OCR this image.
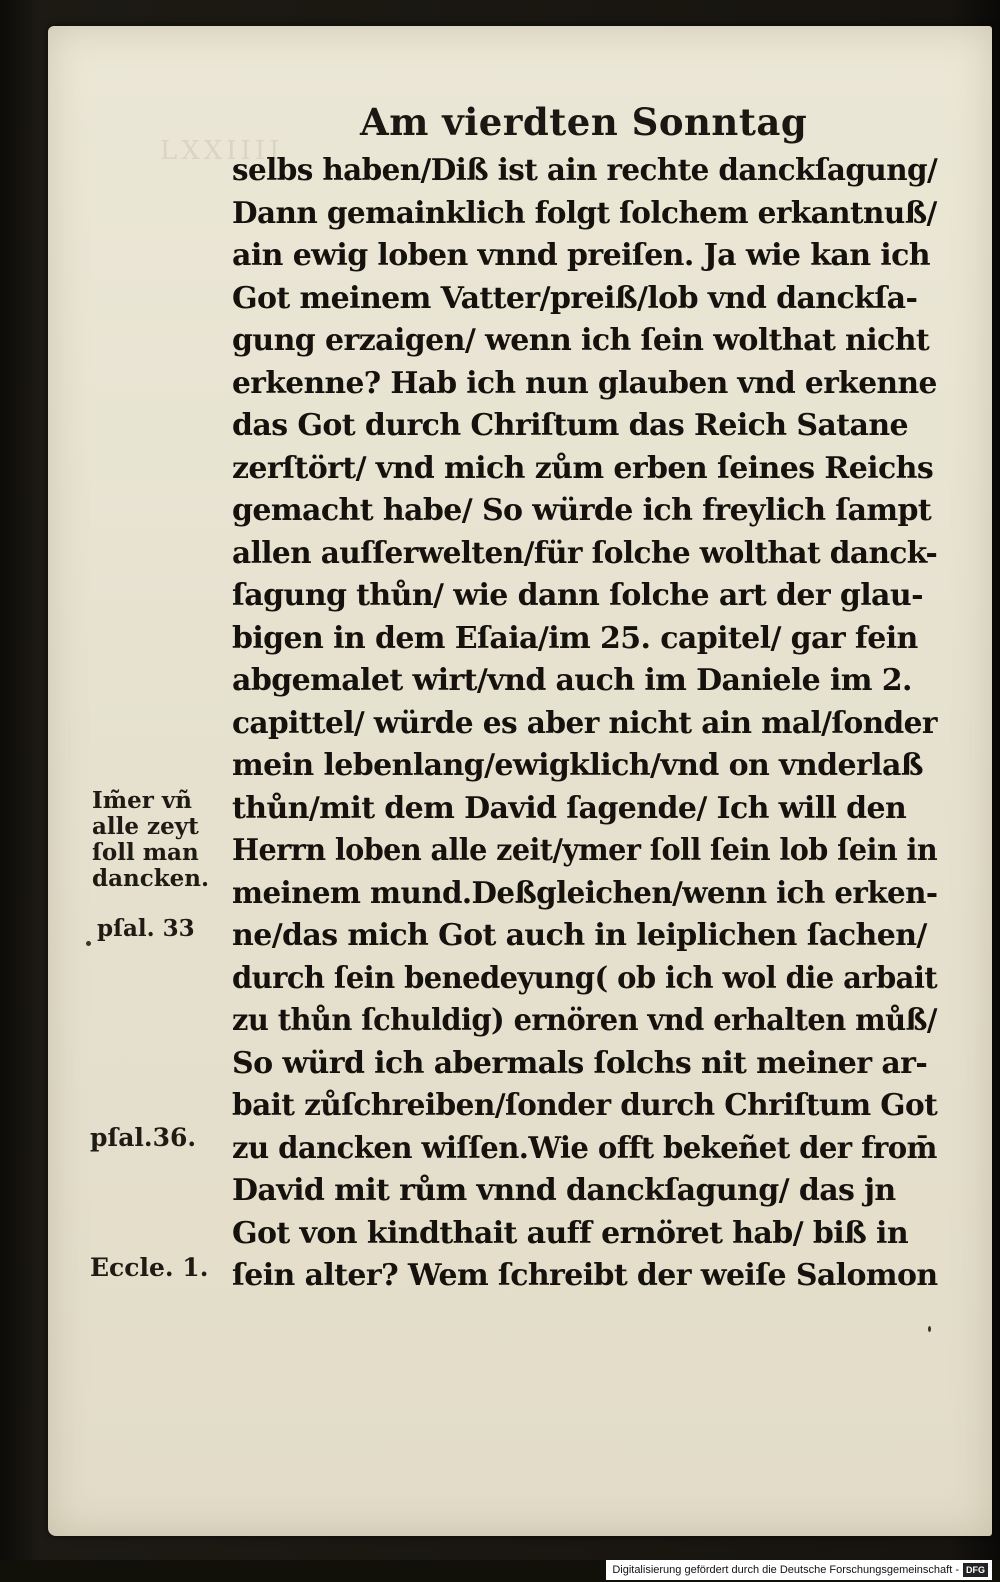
LXXIIII
Am vierdten Sonntag
selbs haben/Diß ist ain rechte danckſagung/
Dann gemainklich folgt ſolchem erkantnuß/
ain ewig loben vnnd preiſen. Ja wie kan ich
Got meinem Vatter/preiß/lob vnd danckſa-
gung erzaigen/ wenn ich ſein wolthat nicht
erkenne? Hab ich nun glauben vnd erkenne
das Got durch Chriſtum das Reich Satane
zerſtört/ vnd mich zům erben ſeines Reichs
gemacht habe/ So würde ich freylich ſampt
allen auſſerwelten/für ſolche wolthat danck-
ſagung thůn/ wie dann ſolche art der glau-
bigen in dem Eſaia/im 25. capitel/ gar fein
abgemalet wirt/vnd auch im Daniele im 2.
capittel/ würde es aber nicht ain mal/ſonder
mein lebenlang/ewigklich/vnd on vnderlaß
thůn/mit dem David ſagende/ Ich will den
Herrn loben alle zeit/ymer ſoll ſein lob ſein in
meinem mund.Deßgleichen/wenn ich erken-
ne/das mich Got auch in leiplichen ſachen/
durch ſein benedeyung( ob ich wol die arbait
zu thůn ſchuldig) ernören vnd erhalten můß/
So würd ich abermals ſolchs nit meiner ar-
bait zůſchreiben/ſonder durch Chriſtum Got
zu dancken wiſſen.Wie offt bekeñet der from̄
David mit rům vnnd danckſagung/ das jn
Got von kindthait auff ernöret hab/ biß in
ſein alter? Wem ſchreibt der weiſe Salomon
Im̃er vñ
alle zeyt
ſoll man
dancken.
pſal. 33
pſal.36.
Eccle. 1.
Digitalisierung gefördert durch die Deutsche Forschungsgemeinschaft - DFG
